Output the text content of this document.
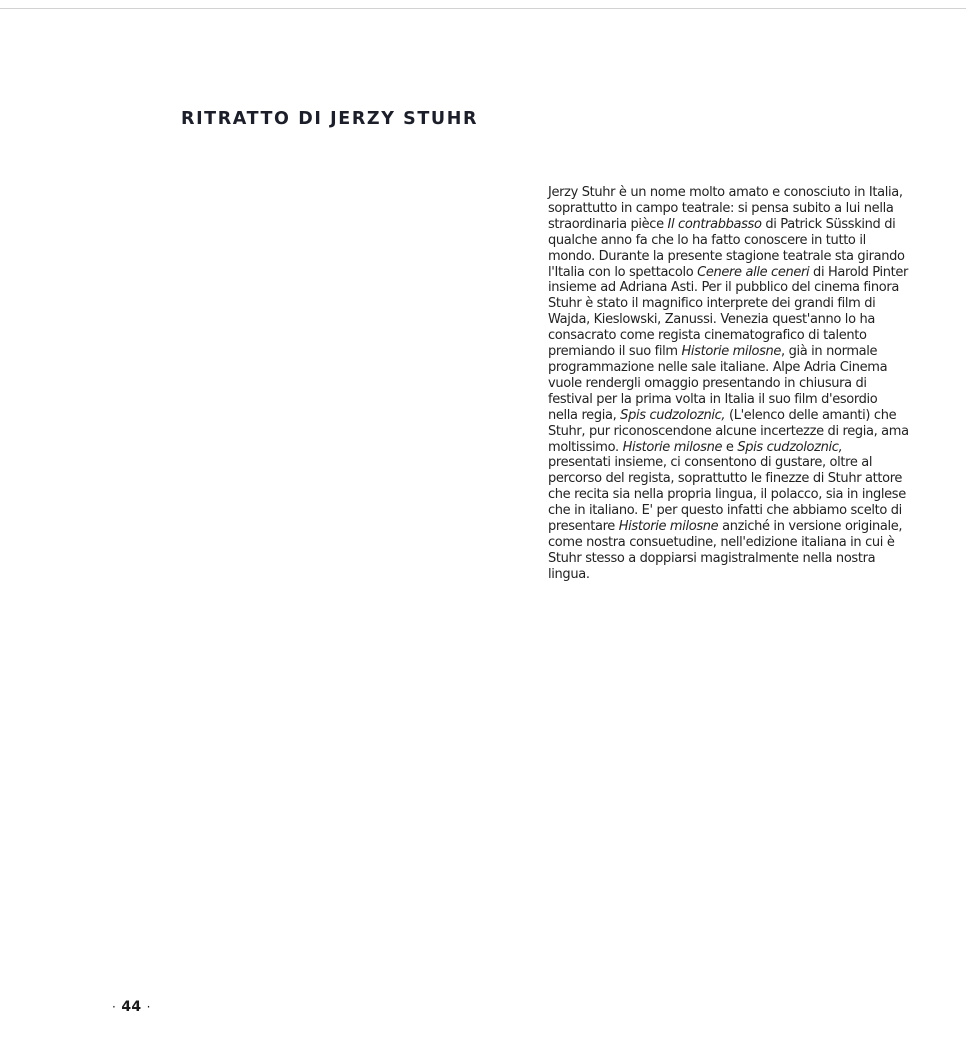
RITRATTO DI JERZY STUHR
Jerzy Stuhr è un nome molto amato e conosciuto in Italia,
soprattutto in campo teatrale: si pensa subito a lui nella
straordinaria pièce Il contrabbasso di Patrick Süsskind di
qualche anno fa che lo ha fatto conoscere in tutto il
mondo. Durante la presente stagione teatrale sta girando
l'Italia con lo spettacolo Cenere alle ceneri di Harold Pinter
insieme ad Adriana Asti. Per il pubblico del cinema finora
Stuhr è stato il magnifico interprete dei grandi film di
Wajda, Kieslowski, Zanussi. Venezia quest'anno lo ha
consacrato come regista cinematografico di talento
premiando il suo film Historie milosne, già in normale
programmazione nelle sale italiane. Alpe Adria Cinema
vuole rendergli omaggio presentando in chiusura di
festival per la prima volta in Italia il suo film d'esordio
nella regia, Spis cudzoloznic, (L'elenco delle amanti) che
Stuhr, pur riconoscendone alcune incertezze di regia, ama
moltissimo. Historie milosne e Spis cudzoloznic,
presentati insieme, ci consentono di gustare, oltre al
percorso del regista, soprattutto le finezze di Stuhr attore
che recita sia nella propria lingua, il polacco, sia in inglese
che in italiano. E' per questo infatti che abbiamo scelto di
presentare Historie milosne anziché in versione originale,
come nostra consuetudine, nell'edizione italiana in cui è
Stuhr stesso a doppiarsi magistralmente nella nostra
lingua.
· 44 ·
